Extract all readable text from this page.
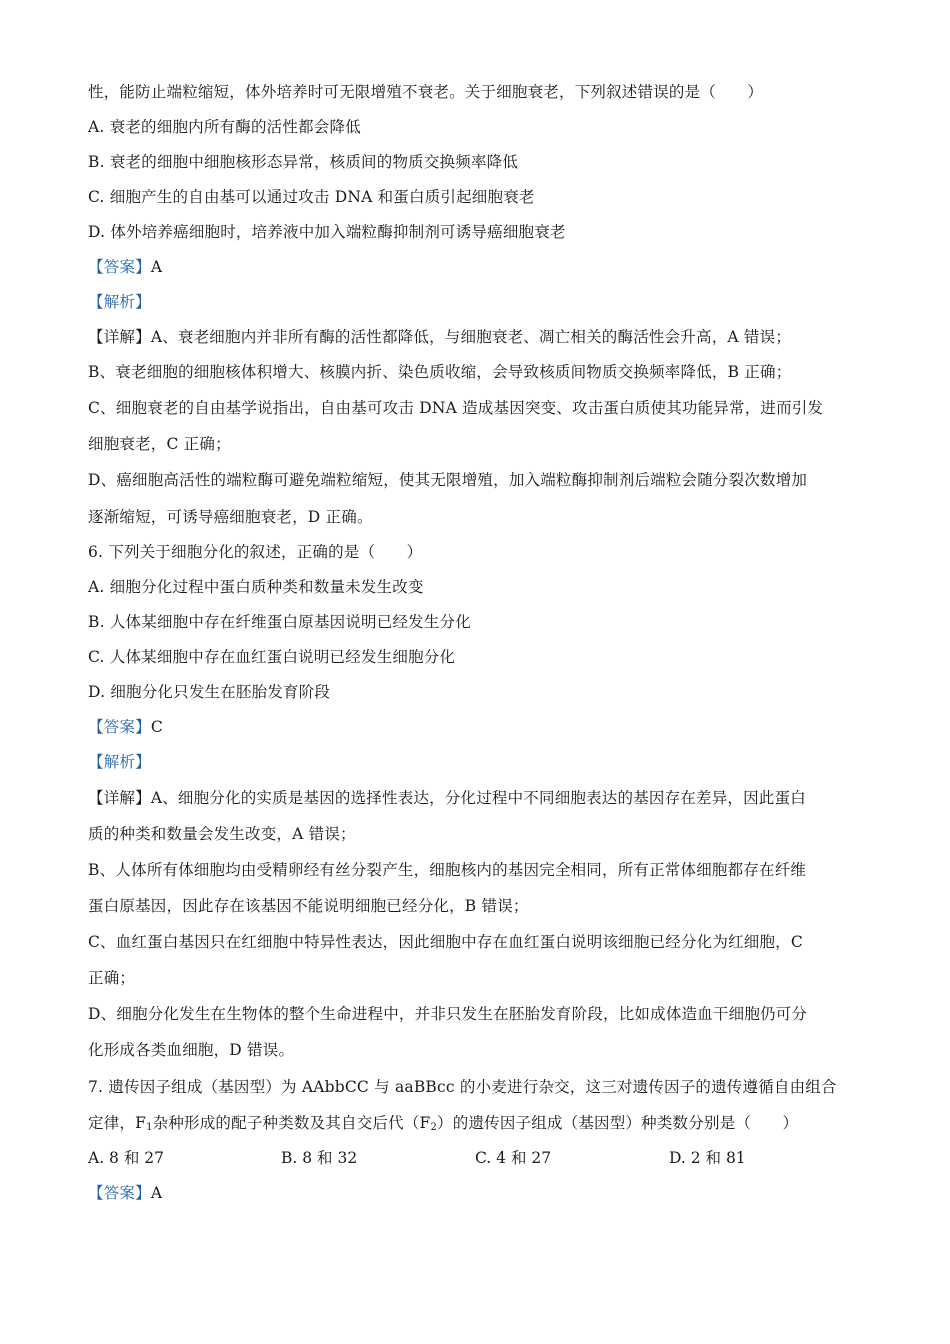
性，能防止端粒缩短，体外培养时可无限增殖不衰老。关于细胞衰老，下列叙述错误的是（　　）
A. 衰老的细胞内所有酶的活性都会降低
B. 衰老的细胞中细胞核形态异常，核质间的物质交换频率降低
C. 细胞产生的自由基可以通过攻击 DNA 和蛋白质引起细胞衰老
D. 体外培养癌细胞时，培养液中加入端粒酶抑制剂可诱导癌细胞衰老
【答案】A
【解析】
【详解】A、衰老细胞内并非所有酶的活性都降低，与细胞衰老、凋亡相关的酶活性会升高，A 错误；
B、衰老细胞的细胞核体积增大、核膜内折、染色质收缩，会导致核质间物质交换频率降低，B 正确；
C、细胞衰老的自由基学说指出，自由基可攻击 DNA 造成基因突变、攻击蛋白质使其功能异常，进而引发
细胞衰老，C 正确；
D、癌细胞高活性的端粒酶可避免端粒缩短，使其无限增殖，加入端粒酶抑制剂后端粒会随分裂次数增加
逐渐缩短，可诱导癌细胞衰老，D 正确。
6. 下列关于细胞分化的叙述，正确的是（　　）
A. 细胞分化过程中蛋白质种类和数量未发生改变
B. 人体某细胞中存在纤维蛋白原基因说明已经发生分化
C. 人体某细胞中存在血红蛋白说明已经发生细胞分化
D. 细胞分化只发生在胚胎发育阶段
【答案】C
【解析】
【详解】A、细胞分化的实质是基因的选择性表达，分化过程中不同细胞表达的基因存在差异，因此蛋白
质的种类和数量会发生改变，A 错误；
B、人体所有体细胞均由受精卵经有丝分裂产生，细胞核内的基因完全相同，所有正常体细胞都存在纤维
蛋白原基因，因此存在该基因不能说明细胞已经分化，B 错误；
C、血红蛋白基因只在红细胞中特异性表达，因此细胞中存在血红蛋白说明该细胞已经分化为红细胞，C
正确；
D、细胞分化发生在生物体的整个生命进程中，并非只发生在胚胎发育阶段，比如成体造血干细胞仍可分
化形成各类血细胞，D 错误。
7. 遗传因子组成（基因型）为 AAbbCC 与 aaBBcc 的小麦进行杂交，这三对遗传因子的遗传遵循自由组合
定律，$F_1$杂种形成的配子种类数及其自交后代$(F_2)$的遗传因子组成（基因型）种类数分别是（　　）
A. 8 和 27	B. 8 和 32	C. 4 和 27	D. 2 和 81
【答案】A
